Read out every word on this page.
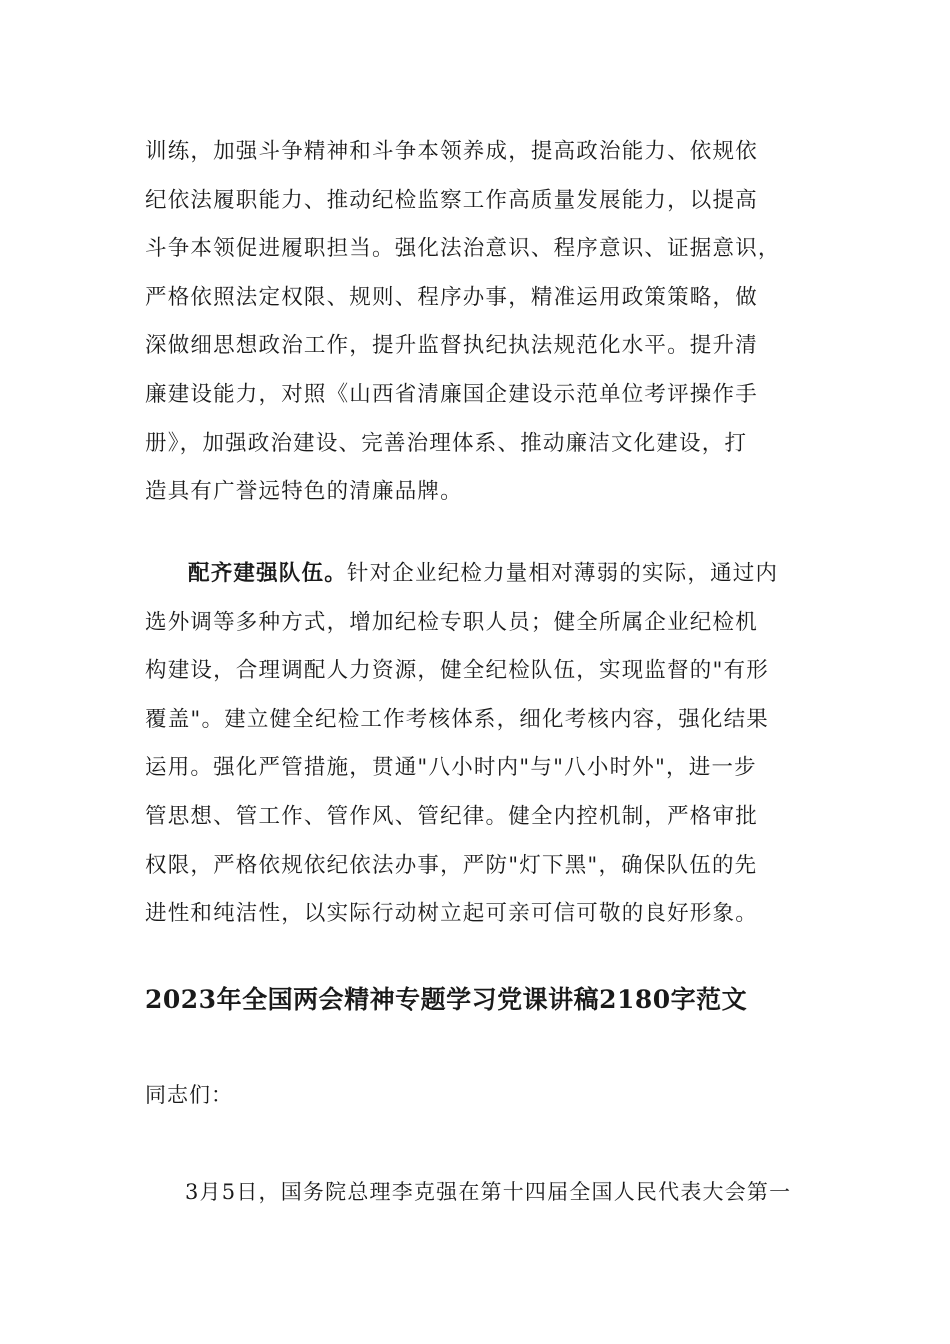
训练，加强斗争精神和斗争本领养成，提高政治能力、依规依
纪依法履职能力、推动纪检监察工作高质量发展能力，以提高
斗争本领促进履职担当。强化法治意识、程序意识、证据意识，
严格依照法定权限、规则、程序办事，精准运用政策策略，做
深做细思想政治工作，提升监督执纪执法规范化水平。提升清
廉建设能力，对照《山西省清廉国企建设示范单位考评操作手
册》，加强政治建设、完善治理体系、推动廉洁文化建设，打
造具有广誉远特色的清廉品牌。
配齐建强队伍。针对企业纪检力量相对薄弱的实际，通过内
选外调等多种方式，增加纪检专职人员；健全所属企业纪检机
构建设，合理调配人力资源，健全纪检队伍，实现监督的"有形
覆盖"。建立健全纪检工作考核体系，细化考核内容，强化结果
运用。强化严管措施，贯通"八小时内"与"八小时外"，进一步
管思想、管工作、管作风、管纪律。健全内控机制，严格审批
权限，严格依规依纪依法办事，严防"灯下黑"，确保队伍的先
进性和纯洁性，以实际行动树立起可亲可信可敬的良好形象。
2023年全国两会精神专题学习党课讲稿2180字范文

同志们：

3月5日，国务院总理李克强在第十四届全国人民代表大会第一
